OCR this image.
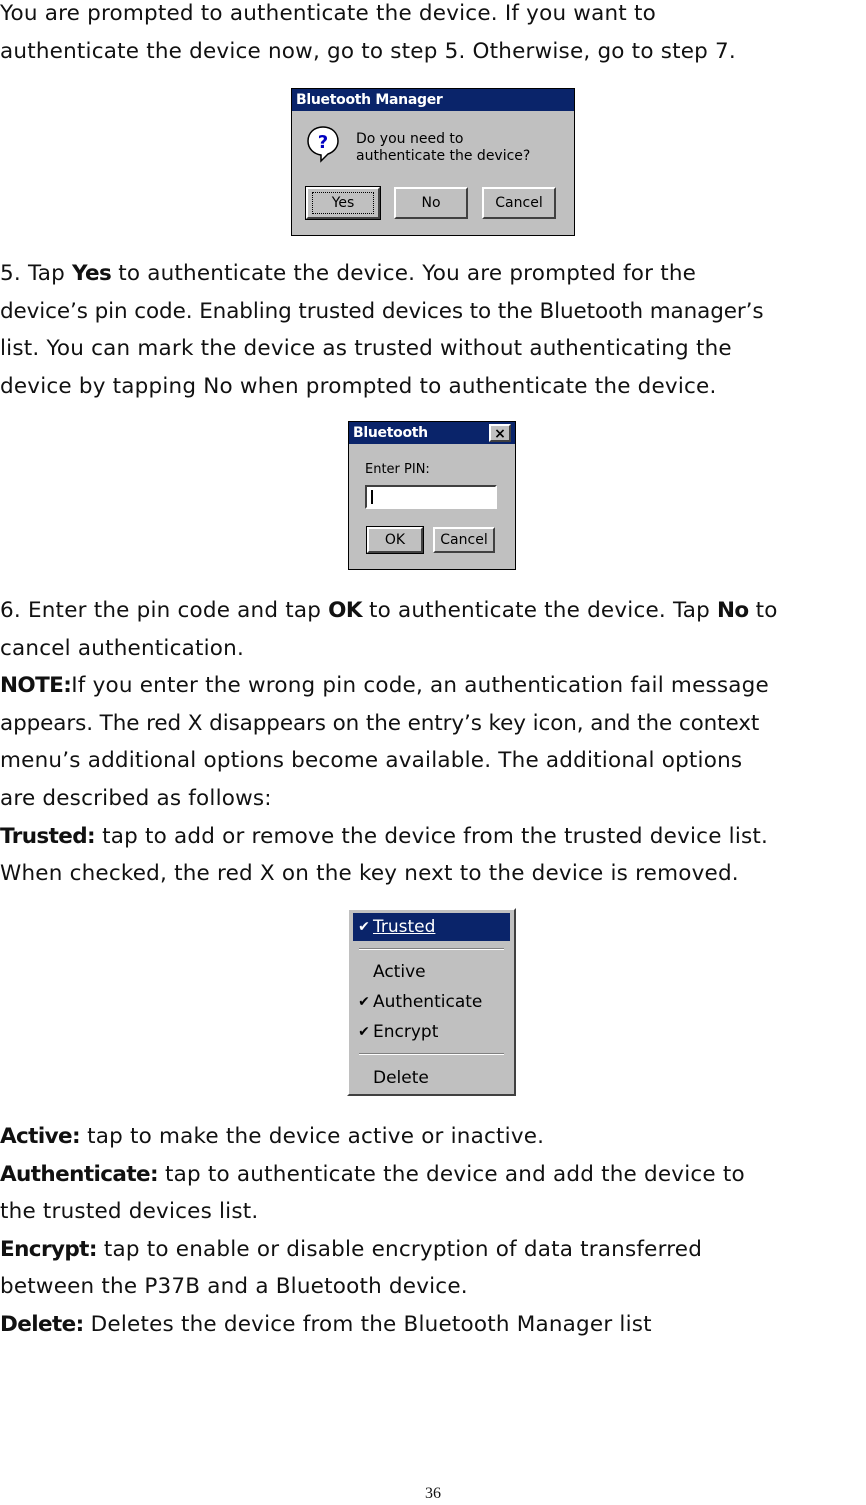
You are prompted to authenticate the device. If you want to
authenticate the device now, go to step 5. Otherwise, go to step 7.
Bluetooth Manager
? Do you need to
authenticate the device?
Yes	No	Cancel
5. Tap Yes to authenticate the device. You are prompted for the
device’s pin code. Enabling trusted devices to the Bluetooth manager’s
list. You can mark the device as trusted without authenticating the
device by tapping No when prompted to authenticate the device.
Bluetooth	×
Enter PIN:
OK	Cancel
6. Enter the pin code and tap OK to authenticate the device. Tap No to
cancel authentication.
NOTE:If you enter the wrong pin code, an authentication fail message
appears. The red X disappears on the entry’s key icon, and the context
menu’s additional options become available. The additional options
are described as follows:
Trusted: tap to add or remove the device from the trusted device list.
When checked, the red X on the key next to the device is removed.
✔ Trusted
Active
✔ Authenticate
✔ Encrypt
Delete
Active: tap to make the device active or inactive.
Authenticate: tap to authenticate the device and add the device to
the trusted devices list.
Encrypt: tap to enable or disable encryption of data transferred
between the P37B and a Bluetooth device.
Delete: Deletes the device from the Bluetooth Manager list
36
